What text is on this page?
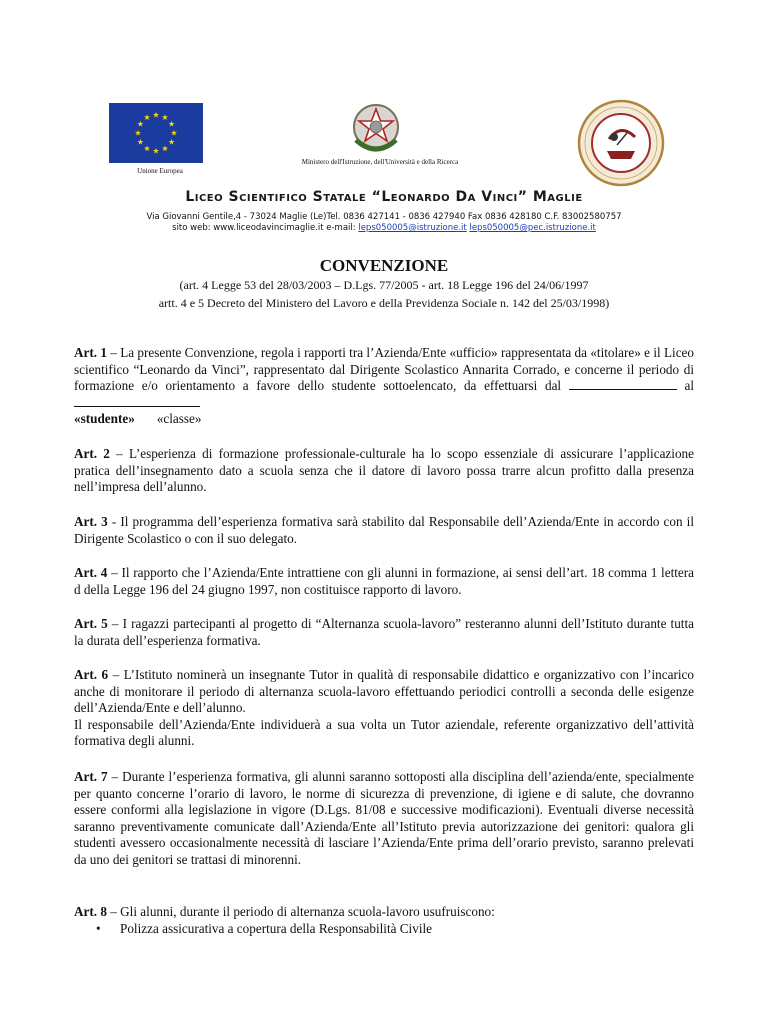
Unione Europea
Ministero dell'Istruzione, dell'Università e della Ricerca
Liceo Scientifico Statale “Leonardo Da Vinci” Maglie
Via Giovanni Gentile,4 - 73024 Maglie (Le)Tel. 0836 427141 - 0836 427940 Fax 0836 428180 C.F. 83002580757
sito web: www.liceodavincimaglie.it e-mail: leps050005@istruzione.it leps050005@pec.istruzione.it
CONVENZIONE
(art. 4 Legge 53 del 28/03/2003 – D.Lgs. 77/2005 - art. 18 Legge 196 del 24/06/1997
artt. 4 e 5 Decreto del Ministero del Lavoro e della Previdenza Sociale n. 142 del 25/03/1998)

Art. 1 – La presente Convenzione, regola i rapporti tra l’Azienda/Ente «ufficio» rappresentata da «titolare» e il Liceo scientifico “Leonardo da Vinci”, rappresentato dal Dirigente Scolastico Annarita Corrado, e concerne il periodo di formazione e/o orientamento a favore dello studente sottoelencato, da effettuarsi dal	al

«studente» «classe»

Art. 2 – L’esperienza di formazione professionale-culturale ha lo scopo essenziale di assicurare l’applicazione pratica dell’insegnamento dato a scuola senza che il datore di lavoro possa trarre alcun profitto dalla presenza nell’impresa dell’alunno.

Art. 3 - Il programma dell’esperienza formativa sarà stabilito dal Responsabile dell’Azienda/Ente in accordo con il Dirigente Scolastico o con il suo delegato.

Art. 4 – Il rapporto che l’Azienda/Ente intrattiene con gli alunni in formazione, ai sensi dell’art. 18 comma 1 lettera d della Legge 196 del 24 giugno 1997, non costituisce rapporto di lavoro.

Art. 5 – I ragazzi partecipanti al progetto di “Alternanza scuola-lavoro” resteranno alunni dell’Istituto durante tutta la durata dell’esperienza formativa.

Art. 6 – L’Istituto nominerà un insegnante Tutor in qualità di responsabile didattico e organizzativo con l’incarico anche di monitorare il periodo di alternanza scuola-lavoro effettuando periodici controlli a seconda delle esigenze dell’Azienda/Ente e dell’alunno.

Il responsabile dell’Azienda/Ente individuerà a sua volta un Tutor aziendale, referente organizzativo dell’attività formativa degli alunni.

Art. 7 – Durante l’esperienza formativa, gli alunni saranno sottoposti alla disciplina dell’azienda/ente, specialmente per quanto concerne l’orario di lavoro, le norme di sicurezza di prevenzione, di igiene e di salute, che dovranno essere conformi alla legislazione in vigore (D.Lgs. 81/08 e successive modificazioni). Eventuali diverse necessità saranno preventivamente comunicate dall’Azienda/Ente all’Istituto previa autorizzazione dei genitori: qualora gli studenti avessero occasionalmente necessità di lasciare l’Azienda/Ente prima dell’orario previsto, saranno prelevati da uno dei genitori se trattasi di minorenni.

Art. 8 – Gli alunni, durante il periodo di alternanza scuola-lavoro usufruiscono:

• Polizza assicurativa a copertura della Responsabilità Civile
